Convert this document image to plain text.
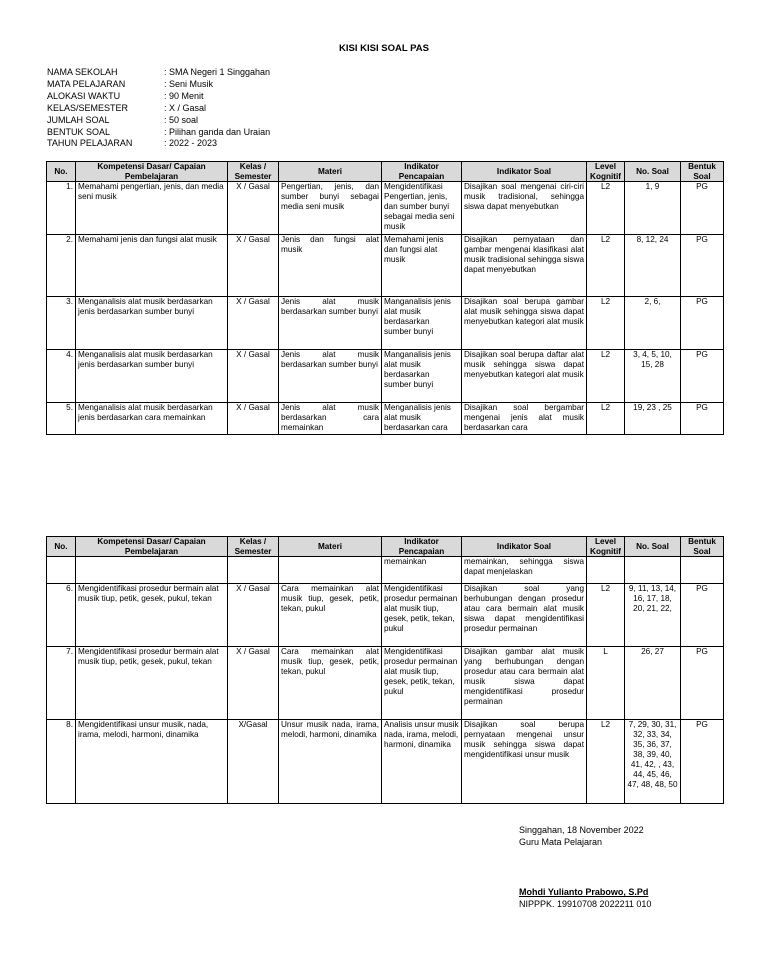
KISI KISI SOAL PAS
NAMA SEKOLAH	: SMA Negeri 1 Singgahan
MATA PELAJARAN	: Seni Musik
ALOKASI WAKTU	: 90 Menit
KELAS/SEMESTER	: X / Gasal
JUMLAH SOAL	: 50 soal
BENTUK SOAL	: Pilihan ganda dan Uraian
TAHUN PELAJARAN	: 2022 - 2023
No.	Kompetensi Dasar/ Capaian Pembelajaran	Kelas / Semester	Materi	Indikator Pencapaian	Indikator Soal	Level Kognitif	No. Soal	Bentuk Soal
1.	Memahami pengertian, jenis, dan media seni musik	X / Gasal	Pengertian, jenis, dan sumber bunyi sebagai media seni musik	Mengidentifikasi Pengertian, jenis, dan sumber bunyi sebagai media seni musik	Disajikan soal mengenai ciri-ciri musik tradisional, sehingga siswa dapat menyebutkan	L2	1, 9	PG
2.	Memahami jenis dan fungsi alat musik	X / Gasal	Jenis dan fungsi alat musik	Memahami jenis dan fungsi alat musik	Disajikan pernyataan dan gambar mengenai klasifikasi alat musik tradisional sehingga siswa dapat menyebutkan	L2	8, 12, 24	PG
3.	Menganalisis alat musik berdasarkan jenis berdasarkan sumber bunyi	X / Gasal	Jenis alat musik berdasarkan sumber bunyi	Manganalisis jenis alat musik berdasarkan sumber bunyi	Disajikan soal berupa gambar alat musik sehingga siswa dapat menyebutkan kategori alat musik	L2	2, 6,	PG
4.	Menganalisis alat musik berdasarkan jenis berdasarkan sumber bunyi	X / Gasal	Jenis alat musik berdasarkan sumber bunyi	Manganalisis jenis alat musik berdasarkan sumber bunyi	Disajikan soal berupa daftar alat musik sehingga siswa dapat menyebutkan kategori alat musik	L2	3, 4, 5, 10, 15, 28	PG
5.	Menganalisis alat musik berdasarkan jenis berdasarkan cara memainkan	X / Gasal	Jenis alat musik berdasarkan cara memainkan	Menganalisis jenis alat musik berdasarkan cara	Disajikan soal bergambar mengenai jenis alat musik berdasarkan cara	L2	19, 23 , 25	PG
No.	Kompetensi Dasar/ Capaian Pembelajaran	Kelas / Semester	Materi	Indikator Pencapaian	Indikator Soal	Level Kognitif	No. Soal	Bentuk Soal
				memainkan	memainkan, sehingga siswa dapat menjelaskan			
6.	Mengidentifikasi prosedur bermain alat musik tiup, petik, gesek, pukul, tekan	X / Gasal	Cara memainkan alat musik tiup, gesek, petik, tekan, pukul	Mengidentifikasi prosedur permainan alat musik tiup, gesek, petik, tekan, pukul	Disajikan soal yang berhubungan dengan prosedur atau cara bermain alat musik siswa dapat mengidentifikasi prosedur permainan	L2	9, 11, 13, 14, 16, 17, 18, 20, 21, 22,	PG
7.	Mengidentifikasi prosedur bermain alat musik tiup, petik, gesek, pukul, tekan	X / Gasal	Cara memainkan alat musik tiup, gesek, petik, tekan, pukul	Mengidentifikasi prosedur permainan alat musik tiup, gesek, petik, tekan, pukul	Disajikan gambar alat musik yang berhubungan dengan prosedur atau cara bermain alat musik siswa dapat mengidentifikasi prosedur permainan	L	26, 27	PG
8.	Mengidentifikasi unsur musik, nada, irama, melodi, harmoni, dinamika	X/Gasal	Unsur musik nada, irama, melodi, harmoni, dinamika	Analisis unsur musik nada, irama, melodi, harmoni, dinamika	Disajikan soal berupa pernyataan mengenai unsur musik sehingga siswa dapat mengidentifikasi unsur musik	L2	7, 29, 30, 31, 32, 33, 34, 35, 36, 37, 38, 39, 40, 41, 42, , 43, 44, 45, 46, 47, 48, 48, 50	PG
Singgahan, 18 November 2022
Guru Mata Pelajaran
Mohdi Yulianto Prabowo, S.Pd
NIPPPK. 19910708 2022211 010
